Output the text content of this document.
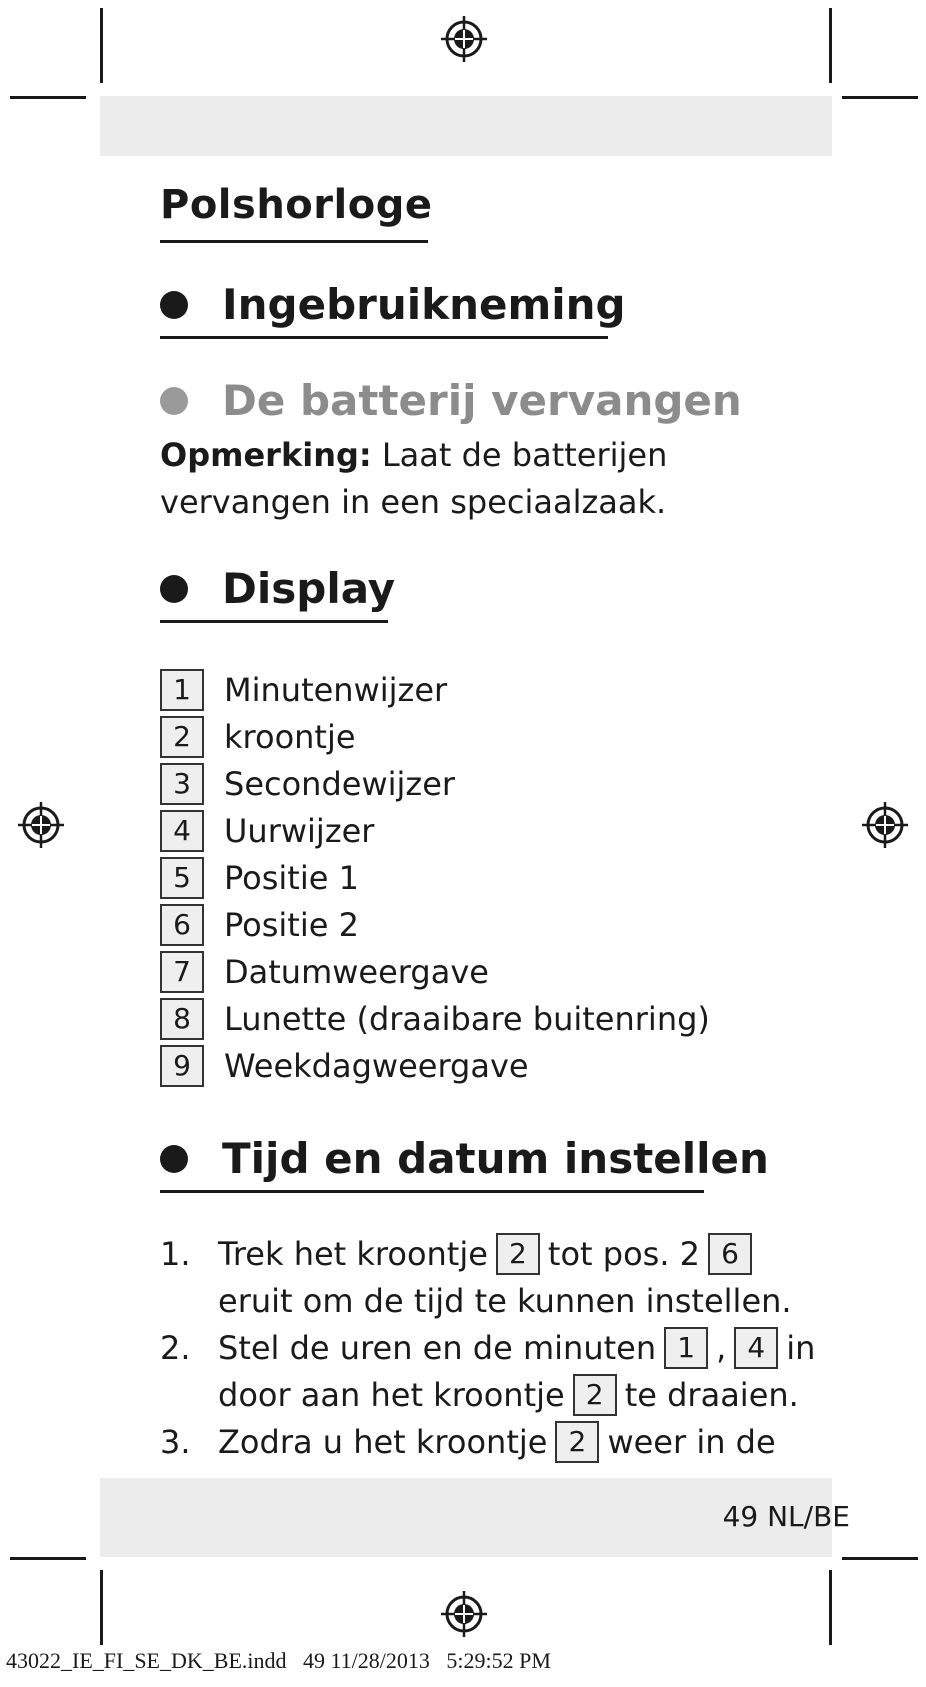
Polshorloge
Ingebruikneming
De batterij vervangen
Opmerking: Laat de batterijen
vervangen in een speciaalzaak.
Display
1	Minutenwijzer
2	kroontje
3	Secondewijzer
4	Uurwijzer
5	Positie 1
6	Positie 2
7	Datumweergave
8	Lunette (draaibare buitenring)
9	Weekdagweergave
Tijd en datum instellen
1. Trek het kroontje 2 tot pos. 2 6
eruit om de tijd te kunnen instellen.
2. Stel de uren en de minuten 1 , 4 in
door aan het kroontje 2 te draaien.
3. Zodra u het kroontje 2 weer in de
49 NL/BE
43022_IE_FI_SE_DK_BE.indd   49 11/28/2013   5:29:52 PM
